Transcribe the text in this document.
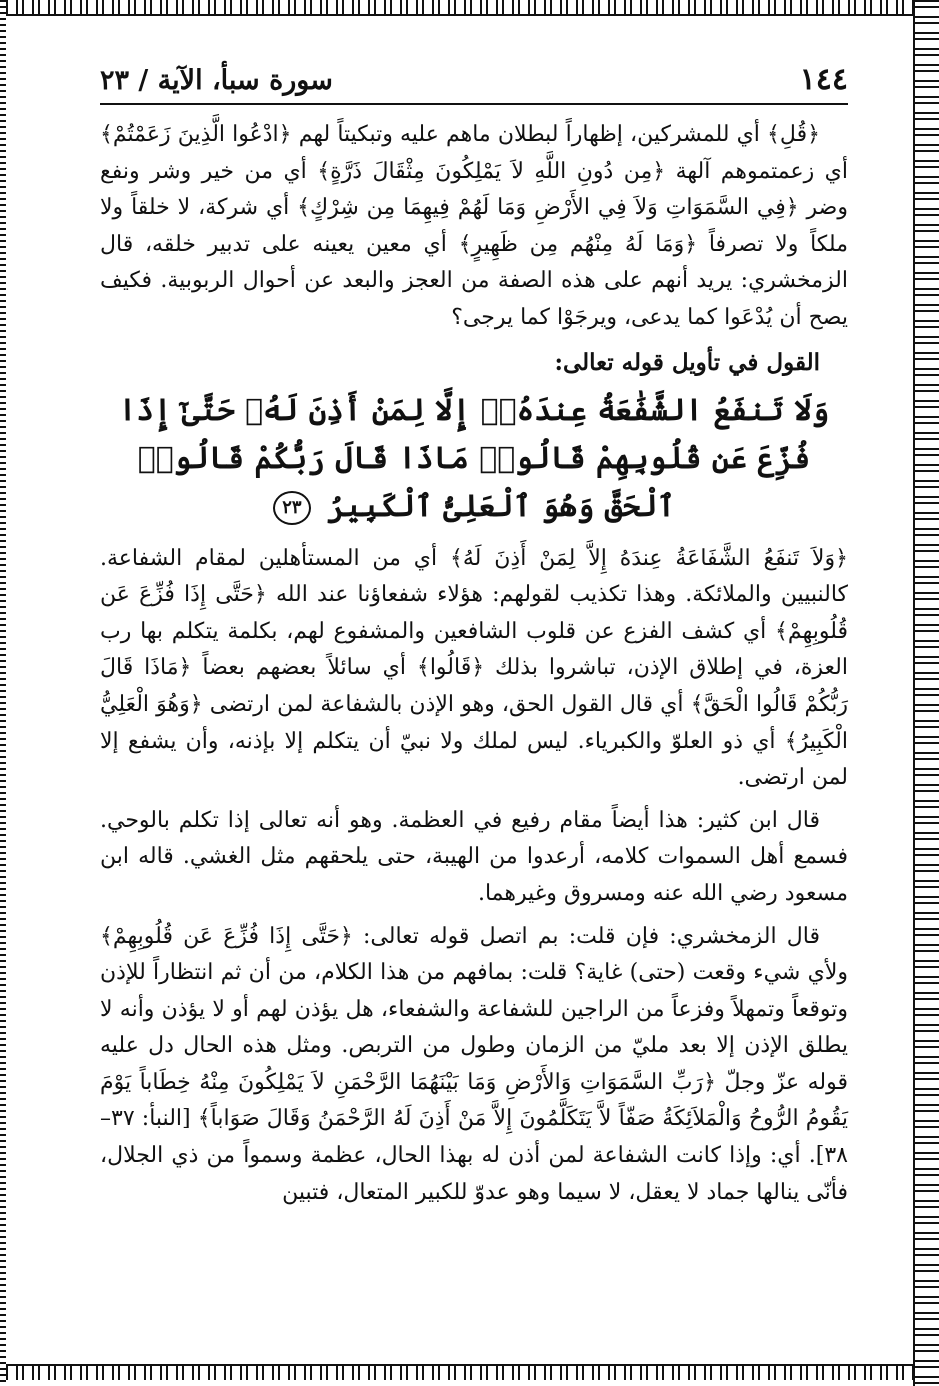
١٤٤
سورة سبأ، الآية / ٢٣

﴿قُلِ﴾ أي للمشركين، إظهاراً لبطلان ماهم عليه وتبكيتاً لهم ﴿ادْعُوا الَّذِينَ زَعَمْتُمْ﴾ أي زعمتموهم آلهة ﴿مِن دُونِ اللَّهِ لاَ يَمْلِكُونَ مِثْقَالَ ذَرَّةٍ﴾ أي من خير وشر ونفع وضر ﴿فِي السَّمَوَاتِ وَلاَ فِي الأَرْضِ وَمَا لَهُمْ فِيهِمَا مِن شِرْكٍ﴾ أي شركة، لا خلقاً ولا ملكاً ولا تصرفاً ﴿وَمَا لَهُ مِنْهُم مِن ظَهِيرٍ﴾ أي معين يعينه على تدبير خلقه، قال الزمخشري: يريد أنهم على هذه الصفة من العجز والبعد عن أحوال الربوبية. فكيف يصح أن يُدْعَوا كما يدعى، ويرجَوْا كما يرجى؟

القول في تأويل قوله تعالى:
وَلَا تَنفَعُ الشَّفَٰعَةُ عِندَهُۥٓ إِلَّا لِمَنْ أَذِنَ لَهُۥ حَتَّىٰٓ إِذَا فُزِّعَ عَن قُلُوبِهِمْ قَالُوا۟ مَاذَا قَالَ رَبُّكُمْ قَالُوا۟ ٱلْحَقَّ وَهُوَ ٱلْعَلِىُّ ٱلْكَبِيرُ ٢٣

﴿وَلاَ تَنفَعُ الشَّفَاعَةُ عِندَهُ إِلاَّ لِمَنْ أَذِنَ لَهُ﴾ أي من المستأهلين لمقام الشفاعة. كالنبيين والملائكة. وهذا تكذيب لقولهم: هؤلاء شفعاؤنا عند الله ﴿حَتَّى إِذَا فُزِّعَ عَن قُلُوبِهِمْ﴾ أي كشف الفزع عن قلوب الشافعين والمشفوع لهم، بكلمة يتكلم بها رب العزة، في إطلاق الإذن، تباشروا بذلك ﴿قَالُوا﴾ أي سائلاً بعضهم بعضاً ﴿مَاذَا قَالَ رَبُّكُمْ قَالُوا الْحَقَّ﴾ أي قال القول الحق، وهو الإذن بالشفاعة لمن ارتضى ﴿وَهُوَ الْعَلِيُّ الْكَبِيرُ﴾ أي ذو العلوّ والكبرياء. ليس لملك ولا نبيّ أن يتكلم إلا بإذنه، وأن يشفع إلا لمن ارتضى.

قال ابن كثير: هذا أيضاً مقام رفيع في العظمة. وهو أنه تعالى إذا تكلم بالوحي. فسمع أهل السموات كلامه، أرعدوا من الهيبة، حتى يلحقهم مثل الغشي. قاله ابن مسعود رضي الله عنه ومسروق وغيرهما.

قال الزمخشري: فإن قلت: بم اتصل قوله تعالى: ﴿حَتَّى إِذَا فُزِّعَ عَن قُلُوبِهِمْ﴾ ولأي شيء وقعت (حتى) غاية؟ قلت: بمافهم من هذا الكلام، من أن ثم انتظاراً للإذن وتوقعاً وتمهلاً وفزعاً من الراجين للشفاعة والشفعاء، هل يؤذن لهم أو لا يؤذن وأنه لا يطلق الإذن إلا بعد مليّ من الزمان وطول من التربص. ومثل هذه الحال دل عليه قوله عزّ وجلّ ﴿رَبِّ السَّمَوَاتِ وَالأَرْضِ وَمَا بَيْنَهُمَا الرَّحْمَنِ لاَ يَمْلِكُونَ مِنْهُ خِطَاباً يَوْمَ يَقُومُ الرُّوحُ وَالْمَلاَئِكَةُ صَفّاً لاَّ يَتَكَلَّمُونَ إِلاَّ مَنْ أَذِنَ لَهُ الرَّحْمَنُ وَقَالَ صَوَاباً﴾ [النبأ: ٣٧– ٣٨]. أي: وإذا كانت الشفاعة لمن أذن له بهذا الحال، عظمة وسمواً من ذي الجلال، فأنّى ينالها جماد لا يعقل، لا سيما وهو عدوّ للكبير المتعال، فتبين
